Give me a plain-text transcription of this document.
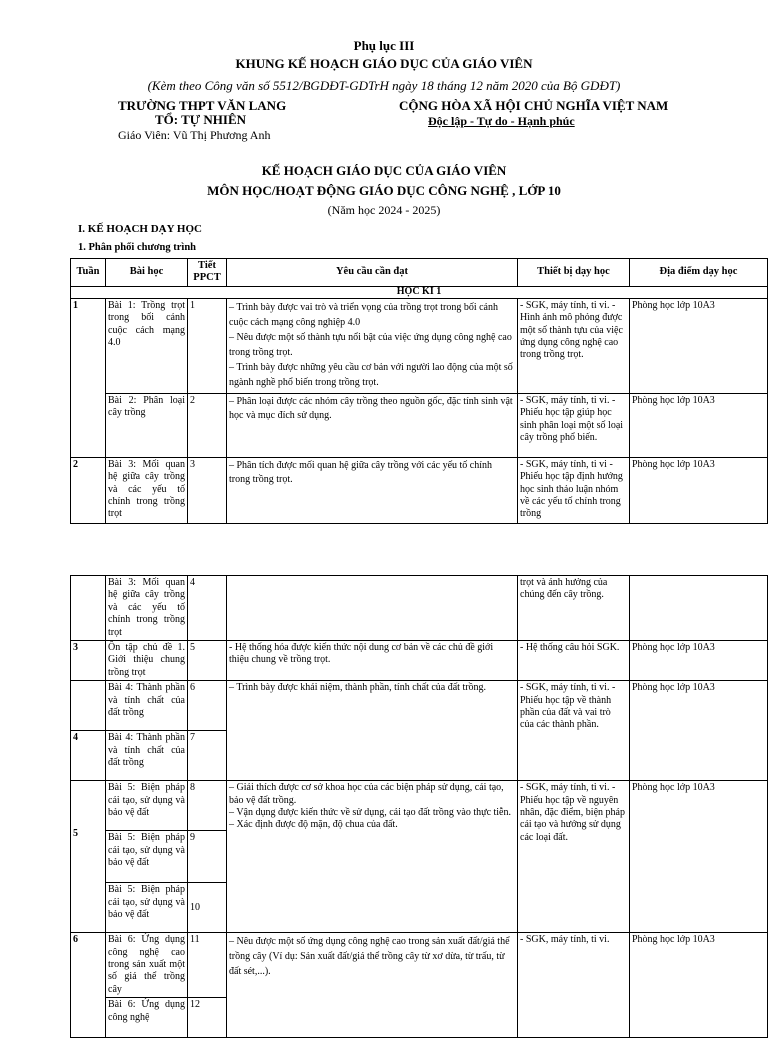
Phụ lục III
KHUNG KẾ HOẠCH GIÁO DỤC CỦA GIÁO VIÊN
(Kèm theo Công văn số 5512/BGDĐT-GDTrH ngày 18 tháng 12 năm 2020 của Bộ GDĐT)
TRƯỜNG THPT VĂN LANG
TỔ: TỰ NHIÊN
Giáo Viên: Vũ Thị Phương Anh
CỘNG HÒA XÃ HỘI CHỦ NGHĨA VIỆT NAM
Độc lập - Tự do - Hạnh phúc
KẾ HOẠCH GIÁO DỤC CỦA GIÁO VIÊN
MÔN HỌC/HOẠT ĐỘNG GIÁO DỤC CÔNG NGHỆ , LỚP 10
(Năm học 2024 - 2025)
I. KẾ HOẠCH DẠY HỌC
1. Phân phối chương trình
Tuần	Bài học	Tiết PPCT	Yêu cầu cần đạt	Thiết bị dạy học	Địa điểm dạy học
HỌC KÌ 1					
1	Bài 1: Trồng trọt trong bối cảnh cuộc cách mạng 4.0	1	– Trình bày được vai trò và triển vọng của trồng trọt trong bối cảnh cuộc cách mạng công nghiệp 4.0
– Nêu được một số thành tựu nổi bật của việc ứng dụng công nghệ cao trong trồng trọt.
– Trình bày được những yêu cầu cơ bản với người lao động của một số ngành nghề phổ biến trong trồng trọt.	- SGK, máy tính, ti vi. - Hình ảnh mô phỏng được một số thành tựu của việc ứng dụng công nghệ cao trong trồng trọt.	Phòng học lớp 10A3
	Bài 2: Phân loại cây trồng	2	– Phân loại được các nhóm cây trồng theo nguồn gốc, đặc tính sinh vật học và mục đích sử dụng.	- SGK, máy tính, ti vi. - Phiếu học tập giúp học sinh phân loại một số loại cây trồng phổ biến.	Phòng học lớp 10A3
2	Bài 3: Mối quan hệ giữa cây trồng và các yếu tố chính trong trồng trọt	3	– Phân tích được mối quan hệ giữa cây trồng với các yếu tố chính trong trồng trọt.	- SGK, máy tính, ti vi - Phiếu học tập định hướng học sinh thảo luận nhóm về các yếu tố chính trong trồng	Phòng học lớp 10A3
	Bài 3: Mối quan hệ giữa cây trồng và các yếu tố chính trong trồng trọt	4		trọt và ảnh hưởng của chúng đến cây trồng.	
3	Ôn tập chủ đề 1. Giới thiệu chung trồng trọt	5	- Hệ thống hóa được kiến thức nội dung cơ bản về các chủ đề giới thiệu chung về trồng trọt.	- Hệ thống câu hỏi SGK.	Phòng học lớp 10A3
	Bài 4: Thành phần và tính chất của đất trồng	6	– Trình bày được khái niệm, thành phần, tính chất của đất trồng.	- SGK, máy tính, ti vi. - Phiếu học tập về thành phần của đất và vai trò của các thành phần.	Phòng học lớp 10A3
4	Bài 4: Thành phần và tính chất của đất trồng	7			

5	Bài 5: Biện pháp cải tạo, sử dụng và bảo vệ đất	8	– Giải thích được cơ sở khoa học của các biện pháp sử dụng, cải tạo, bảo vệ đất trồng.
– Vận dụng được kiến thức về sử dụng, cải tạo đất trồng vào thực tiễn.
– Xác định được độ mặn, độ chua của đất.	- SGK, máy tính, ti vi. - Phiếu học tập về nguyên nhân, đặc điểm, biện pháp cải tạo và hướng sử dụng các loại đất.	Phòng học lớp 10A3
	Bài 5: Biện pháp cải tạo, sử dụng và bảo vệ đất	9			
	Bài 5: Biện pháp cải tạo, sử dụng và bảo vệ đất	10			
6	Bài 6: Ứng dụng công nghệ cao trong sản xuất một số giá thể trồng cây	11	– Nêu được một số ứng dụng công nghệ cao trong sản xuất đất/giá thể trồng cây (Ví dụ: Sản xuất đất/giá thể trồng cây từ xơ dừa, từ trấu, từ đất sét,...).	- SGK, máy tính, ti vi.	Phòng học lớp 10A3
	Bài 6: Ứng dụng công nghệ	12			
